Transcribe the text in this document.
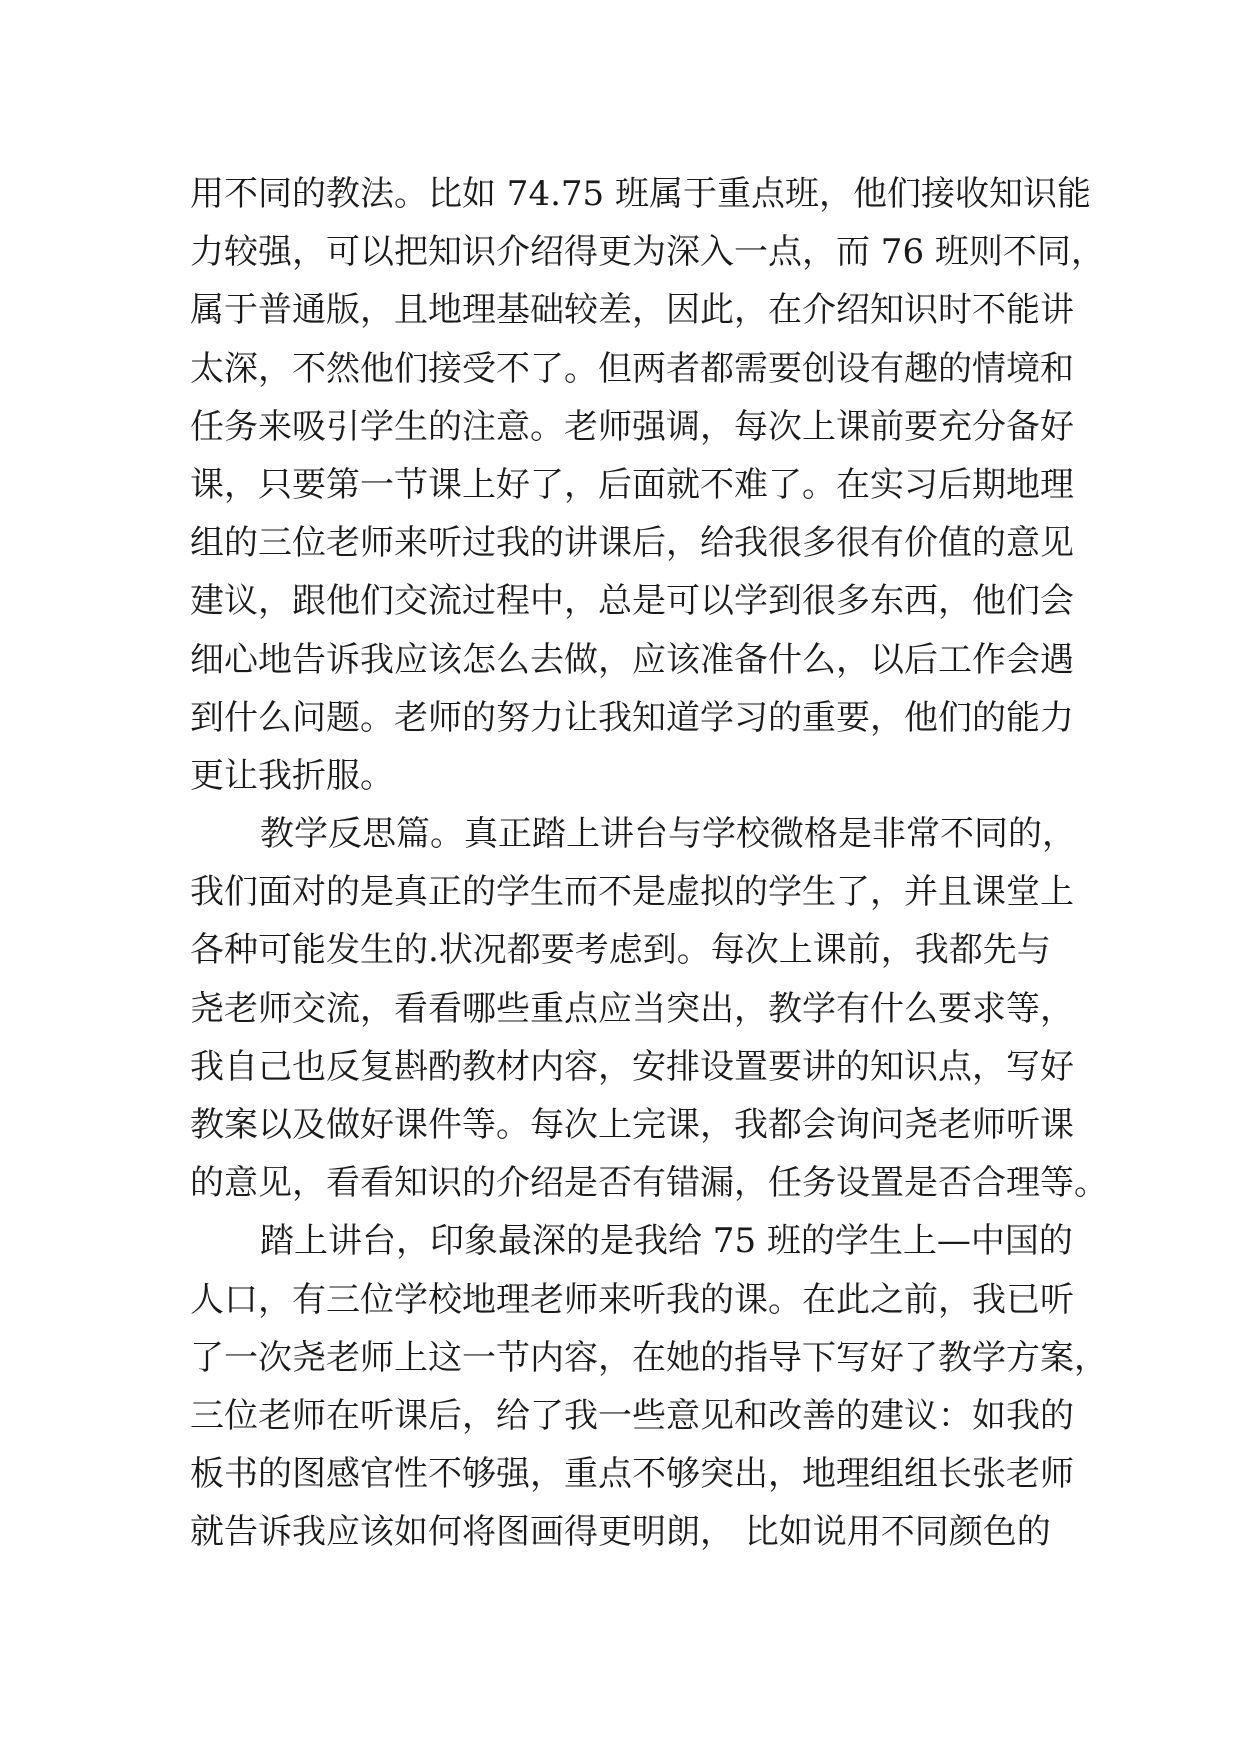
用不同的教法。比如 74.75 班属于重点班，他们接收知识能
力较强，可以把知识介绍得更为深入一点，而 76 班则不同，
属于普通版，且地理基础较差，因此，在介绍知识时不能讲
太深，不然他们接受不了。但两者都需要创设有趣的情境和
任务来吸引学生的注意。老师强调，每次上课前要充分备好
课，只要第一节课上好了，后面就不难了。在实习后期地理
组的三位老师来听过我的讲课后，给我很多很有价值的意见
建议，跟他们交流过程中，总是可以学到很多东西，他们会
细心地告诉我应该怎么去做，应该准备什么，以后工作会遇
到什么问题。老师的努力让我知道学习的重要，他们的能力
更让我折服。
教学反思篇。真正踏上讲台与学校微格是非常不同的，
我们面对的是真正的学生而不是虚拟的学生了，并且课堂上
各种可能发生的.状况都要考虑到。每次上课前，我都先与
尧老师交流，看看哪些重点应当突出，教学有什么要求等，
我自己也反复斟酌教材内容，安排设置要讲的知识点，写好
教案以及做好课件等。每次上完课，我都会询问尧老师听课
的意见，看看知识的介绍是否有错漏，任务设置是否合理等。
踏上讲台，印象最深的是我给 75 班的学生上—中国的
人口，有三位学校地理老师来听我的课。在此之前，我已听
了一次尧老师上这一节内容，在她的指导下写好了教学方案，
三位老师在听课后，给了我一些意见和改善的建议：如我的
板书的图感官性不够强，重点不够突出，地理组组长张老师
就告诉我应该如何将图画得更明朗， 比如说用不同颜色的
